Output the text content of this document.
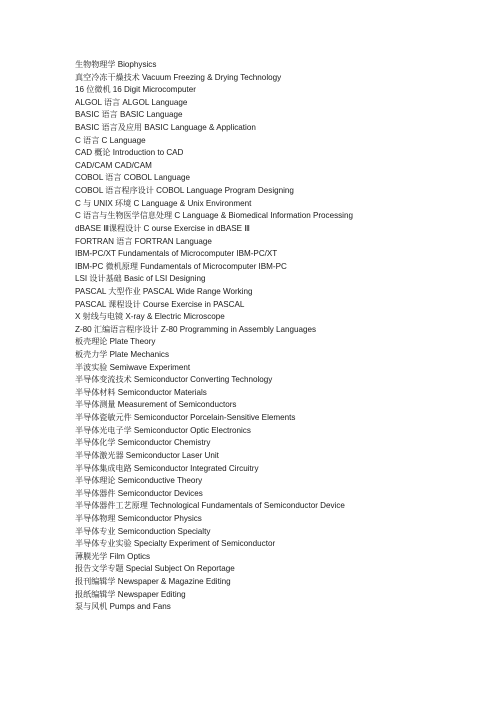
生物物理学 Biophysics
真空冷冻干燥技术 Vacuum Freezing & Drying Technology
16 位微机 16 Digit Microcomputer
ALGOL 语言 ALGOL Language
BASIC 语言 BASIC Language
BASIC 语言及应用 BASIC Language & Application
C 语言 C Language
CAD 概论 Introduction to CAD
CAD/CAM CAD/CAM
COBOL 语言 COBOL Language
COBOL 语言程序设计 COBOL Language Program Designing
C 与 UNIX 环境 C Language & Unix Environment
C 语言与生物医学信息处理 C Language & Biomedical Information Processing
dBASE Ⅲ课程设计 C ourse Exercise in dBASE Ⅲ
FORTRAN 语言 FORTRAN Language
IBM-PC/XT Fundamentals of Microcomputer IBM-PC/XT
IBM-PC 微机原理 Fundamentals of Microcomputer IBM-PC
LSI 设计基础 Basic of LSI Designing
PASCAL 大型作业 PASCAL Wide Range Working
PASCAL 课程设计 Course Exercise in PASCAL
X 射线与电镜 X-ray & Electric Microscope
Z-80 汇编语言程序设计 Z-80 Programming in Assembly Languages
板壳理论 Plate Theory
板壳力学 Plate Mechanics
半波实验 Semiwave Experiment
半导体变流技术 Semiconductor Converting Technology
半导体材料 Semiconductor Materials
半导体测量 Measurement of Semiconductors
半导体瓷敏元件 Semiconductor Porcelain-Sensitive Elements
半导体光电子学 Semiconductor Optic Electronics
半导体化学 Semiconductor Chemistry
半导体激光器 Semiconductor Laser Unit
半导体集成电路 Semiconductor Integrated Circuitry
半导体理论 Semiconductive Theory
半导体器件 Semiconductor Devices
半导体器件工艺原理 Technological Fundamentals of Semiconductor Device
半导体物理 Semiconductor Physics
半导体专业 Semiconduction Specialty
半导体专业实验 Specialty Experiment of Semiconductor
薄膜光学 Film Optics
报告文学专题 Special Subject On Reportage
报刊编辑学 Newspaper & Magazine Editing
报纸编辑学 Newspaper Editing
泵与风机 Pumps and Fans
